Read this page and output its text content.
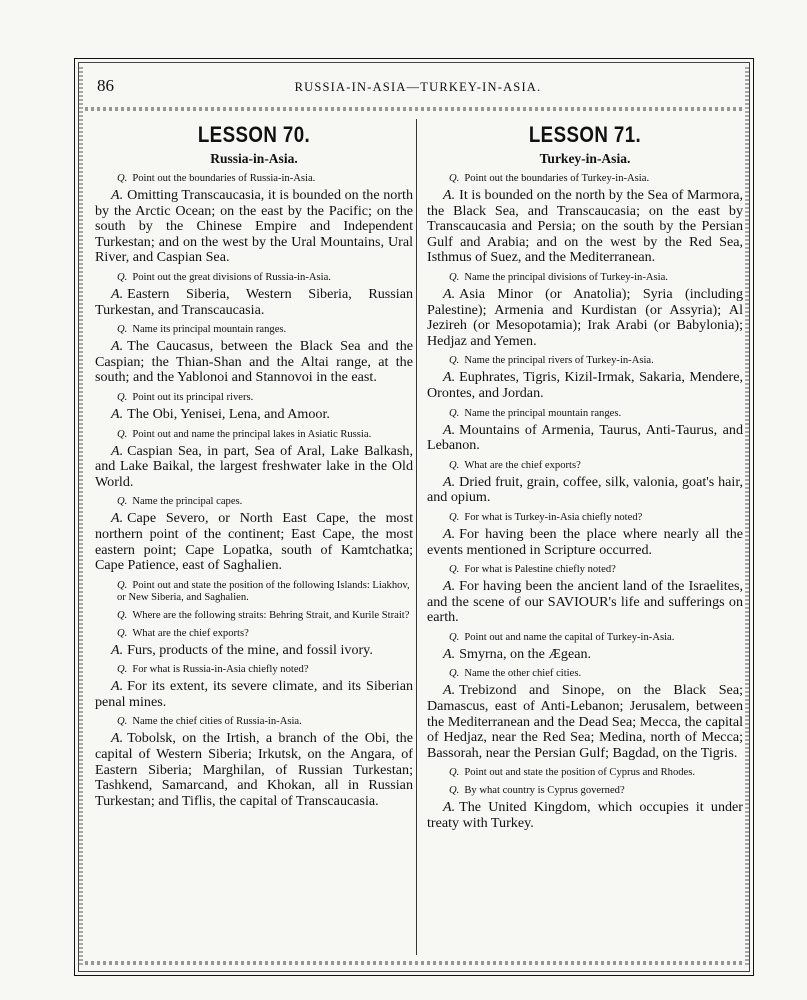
86	RUSSIA-IN-ASIA—TURKEY-IN-ASIA.
LESSON 70.
Russia-in-Asia.

Q. Point out the boundaries of Russia-in-Asia.

A. Omitting Transcaucasia, it is bounded on the north by the Arctic Ocean; on the east by the Pacific; on the south by the Chinese Empire and Independent Turkestan; and on the west by the Ural Mountains, Ural River, and Caspian Sea.

Q. Point out the great divisions of Russia-in-Asia.

A. Eastern Siberia, Western Siberia, Russian Turkestan, and Transcaucasia.

Q. Name its principal mountain ranges.

A. The Caucasus, between the Black Sea and the Caspian; the Thian-Shan and the Altai range, at the south; and the Yablonoi and Stannovoi in the east.

Q. Point out its principal rivers.

A. The Obi, Yenisei, Lena, and Amoor.

Q. Point out and name the principal lakes in Asiatic Russia.

A. Caspian Sea, in part, Sea of Aral, Lake Balkash, and Lake Baikal, the largest freshwater lake in the Old World.

Q. Name the principal capes.

A. Cape Severo, or North East Cape, the most northern point of the continent; East Cape, the most eastern point; Cape Lopatka, south of Kamtchatka; Cape Patience, east of Saghalien.

Q. Point out and state the position of the following Islands: Liakhov, or New Siberia, and Saghalien.

Q. Where are the following straits: Behring Strait, and Kurile Strait?

Q. What are the chief exports?

A. Furs, products of the mine, and fossil ivory.

Q. For what is Russia-in-Asia chiefly noted?

A. For its extent, its severe climate, and its Siberian penal mines.

Q. Name the chief cities of Russia-in-Asia.

A. Tobolsk, on the Irtish, a branch of the Obi, the capital of Western Siberia; Irkutsk, on the Angara, of Eastern Siberia; Marghilan, of Russian Turkestan; Tashkend, Samarcand, and Khokan, all in Russian Turkestan; and Tiflis, the capital of Transcaucasia.

LESSON 71.
Turkey-in-Asia.

Q. Point out the boundaries of Turkey-in-Asia.

A. It is bounded on the north by the Sea of Marmora, the Black Sea, and Transcaucasia; on the east by Transcaucasia and Persia; on the south by the Persian Gulf and Arabia; and on the west by the Red Sea, Isthmus of Suez, and the Mediterranean.

Q. Name the principal divisions of Turkey-in-Asia.

A. Asia Minor (or Anatolia); Syria (including Palestine); Armenia and Kurdistan (or Assyria); Al Jezireh (or Mesopotamia); Irak Arabi (or Babylonia); Hedjaz and Yemen.

Q. Name the principal rivers of Turkey-in-Asia.

A. Euphrates, Tigris, Kizil-Irmak, Sakaria, Mendere, Orontes, and Jordan.

Q. Name the principal mountain ranges.

A. Mountains of Armenia, Taurus, Anti-Taurus, and Lebanon.

Q. What are the chief exports?

A. Dried fruit, grain, coffee, silk, valonia, goat's hair, and opium.

Q. For what is Turkey-in-Asia chiefly noted?

A. For having been the place where nearly all the events mentioned in Scripture occurred.

Q. For what is Palestine chiefly noted?

A. For having been the ancient land of the Israelites, and the scene of our SAVIOUR's life and sufferings on earth.

Q. Point out and name the capital of Turkey-in-Asia.

A. Smyrna, on the Ægean.

Q. Name the other chief cities.

A. Trebizond and Sinope, on the Black Sea; Damascus, east of Anti-Lebanon; Jerusalem, between the Mediterranean and the Dead Sea; Mecca, the capital of Hedjaz, near the Red Sea; Medina, north of Mecca; Bassorah, near the Persian Gulf; Bagdad, on the Tigris.

Q. Point out and state the position of Cyprus and Rhodes.

Q. By what country is Cyprus governed?

A. The United Kingdom, which occupies it under treaty with Turkey.
